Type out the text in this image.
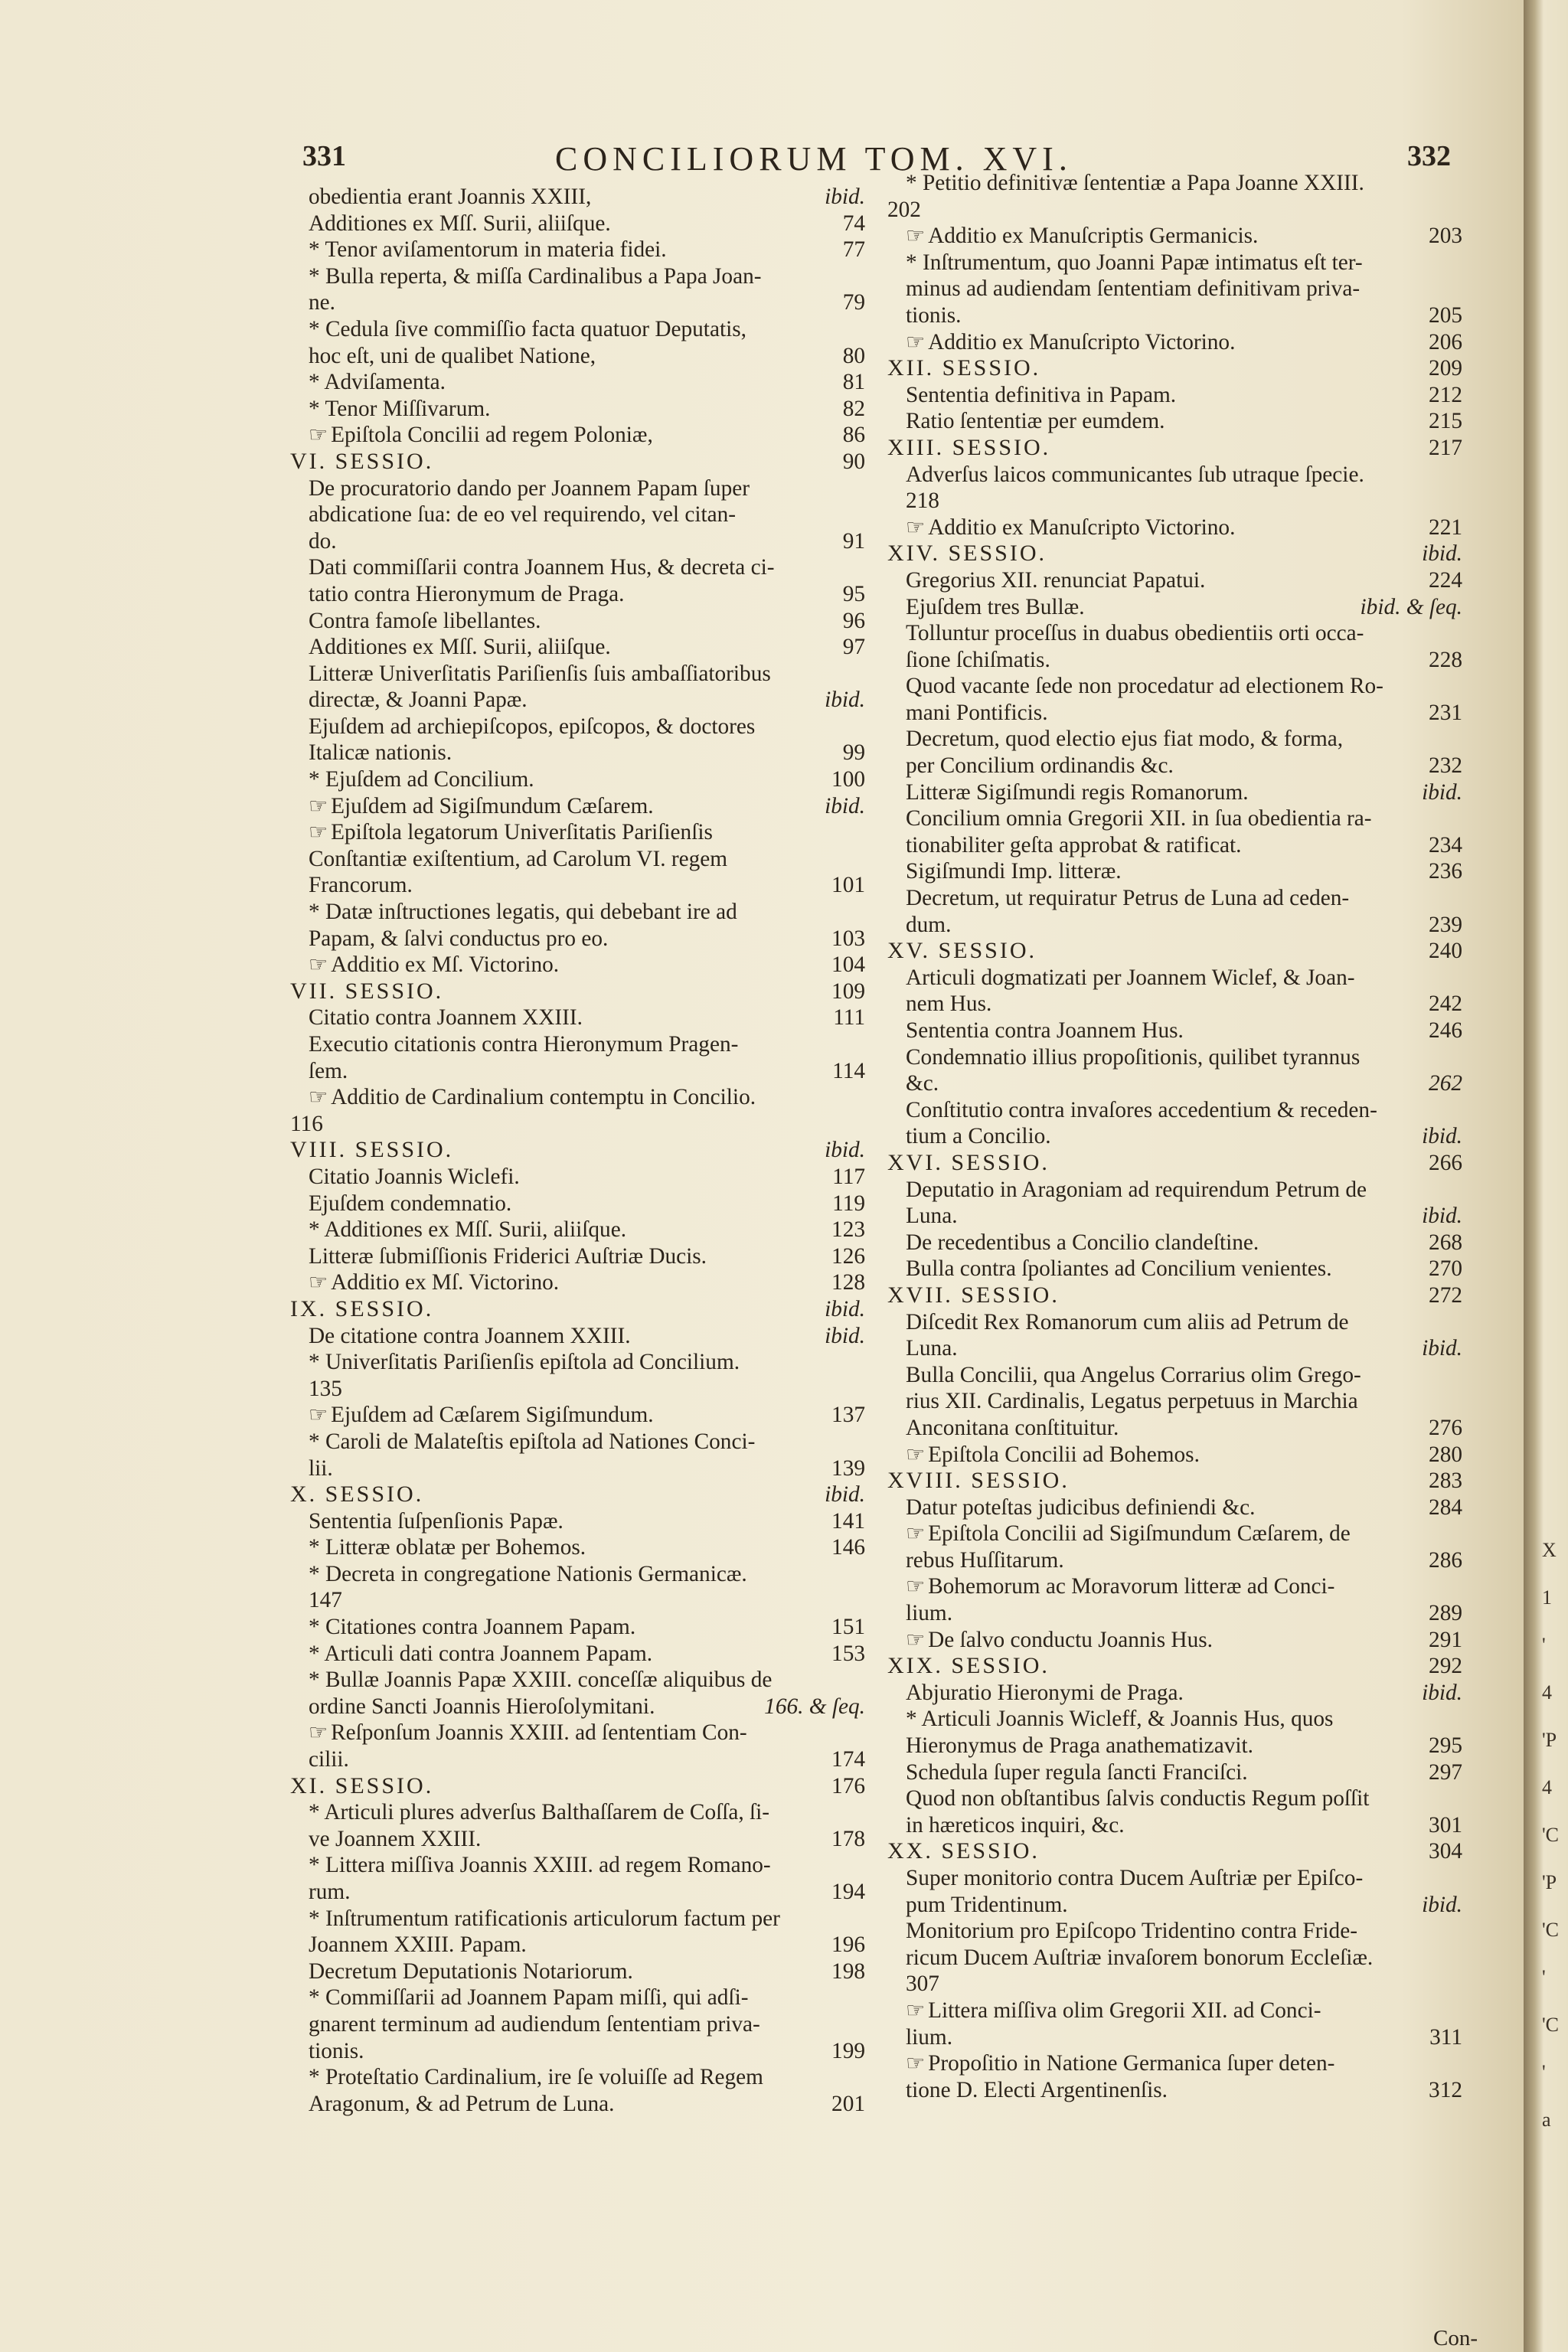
331	CONCILIORUM TOM. XVI.	332
obedientia erant Joannis XXIII,	ibid.
Additiones ex Mſſ. Surii, aliiſque.	74
* Tenor aviſamentorum in materia fidei.	77
* Bulla reperta, & miſſa Cardinalibus a Papa Joan-
ne.	79
* Cedula ſive commiſſio facta quatuor Deputatis,
hoc eſt, uni de qualibet Natione,	80
* Adviſamenta.	81
* Tenor Miſſivarum.	82
☞ Epiſtola Concilii ad regem Poloniæ,	86
VI. SESSIO.	90
De procuratorio dando per Joannem Papam ſuper
abdicatione ſua: de eo vel requirendo, vel citan-
do.	91
Dati commiſſarii contra Joannem Hus, & decreta ci-
tatio contra Hieronymum de Praga.	95
Contra famoſe libellantes.	96
Additiones ex Mſſ. Surii, aliiſque.	97
Litteræ Univerſitatis Pariſienſis ſuis ambaſſiatoribus
directæ, & Joanni Papæ.	ibid.
Ejuſdem ad archiepiſcopos, epiſcopos, & doctores
Italicæ nationis.	99
* Ejuſdem ad Concilium.	100
☞ Ejuſdem ad Sigiſmundum Cæſarem.	ibid.
☞ Epiſtola legatorum Univerſitatis Pariſienſis
Conſtantiæ exiſtentium, ad Carolum VI. regem
Francorum.	101
* Datæ inſtructiones legatis, qui debebant ire ad
Papam, & ſalvi conductus pro eo.	103
☞ Additio ex Mſ. Victorino.	104
VII. SESSIO.	109
Citatio contra Joannem XXIII.	111
Executio citationis contra Hieronymum Pragen-
ſem.	114
☞ Additio de Cardinalium contemptu in Concilio.
116
VIII. SESSIO.	ibid.
Citatio Joannis Wiclefi.	117
Ejuſdem condemnatio.	119
* Additiones ex Mſſ. Surii, aliiſque.	123
Litteræ ſubmiſſionis Friderici Auſtriæ Ducis.	126
☞ Additio ex Mſ. Victorino.	128
IX. SESSIO.	ibid.
De citatione contra Joannem XXIII.	ibid.
* Univerſitatis Pariſienſis epiſtola ad Concilium.
135
☞ Ejuſdem ad Cæſarem Sigiſmundum.	137
* Caroli de Malateſtis epiſtola ad Nationes Conci-
lii.	139
X. SESSIO.	ibid.
Sententia ſuſpenſionis Papæ.	141
* Litteræ oblatæ per Bohemos.	146
* Decreta in congregatione Nationis Germanicæ.
147
* Citationes contra Joannem Papam.	151
* Articuli dati contra Joannem Papam.	153
* Bullæ Joannis Papæ XXIII. conceſſæ aliquibus de
ordine Sancti Joannis Hieroſolymitani.	166. & ſeq.
☞ Reſponſum Joannis XXIII. ad ſententiam Con-
cilii.	174
XI. SESSIO.	176
* Articuli plures adverſus Balthaſſarem de Coſſa, ſi-
ve Joannem XXIII.	178
* Littera miſſiva Joannis XXIII. ad regem Romano-
rum.	194
* Inſtrumentum ratificationis articulorum factum per
Joannem XXIII. Papam.	196
Decretum Deputationis Notariorum.	198
* Commiſſarii ad Joannem Papam miſſi, qui adſi-
gnarent terminum ad audiendum ſententiam priva-
tionis.	199
* Proteſtatio Cardinalium, ire ſe voluiſſe ad Regem
Aragonum, & ad Petrum de Luna.	201
* Petitio definitivæ ſententiæ a Papa Joanne XXIII.
202
☞ Additio ex Manuſcriptis Germanicis.	203
* Inſtrumentum, quo Joanni Papæ intimatus eſt ter-
minus ad audiendam ſententiam definitivam priva-
tionis.	205
☞ Additio ex Manuſcripto Victorino.	206
XII. SESSIO.	209
Sententia definitiva in Papam.	212
Ratio ſententiæ per eumdem.	215
XIII. SESSIO.	217
Adverſus laicos communicantes ſub utraque ſpecie.
218
☞ Additio ex Manuſcripto Victorino.	221
XIV. SESSIO.	ibid.
Gregorius XII. renunciat Papatui.	224
Ejuſdem tres Bullæ.	ibid. & ſeq.
Tolluntur proceſſus in duabus obedientiis orti occa-
ſione ſchiſmatis.	228
Quod vacante ſede non procedatur ad electionem Ro-
mani Pontificis.	231
Decretum, quod electio ejus fiat modo, & forma,
per Concilium ordinandis &c.	232
Litteræ Sigiſmundi regis Romanorum.	ibid.
Concilium omnia Gregorii XII. in ſua obedientia ra-
tionabiliter geſta approbat & ratificat.	234
Sigiſmundi Imp. litteræ.	236
Decretum, ut requiratur Petrus de Luna ad ceden-
dum.	239
XV. SESSIO.	240
Articuli dogmatizati per Joannem Wiclef, & Joan-
nem Hus.	242
Sententia contra Joannem Hus.	246
Condemnatio illius propoſitionis, quilibet tyrannus
&c.	262
Conſtitutio contra invaſores accedentium & receden-
tium a Concilio.	ibid.
XVI. SESSIO.	266
Deputatio in Aragoniam ad requirendum Petrum de
Luna.	ibid.
De recedentibus a Concilio clandeſtine.	268
Bulla contra ſpoliantes ad Concilium venientes.	270
XVII. SESSIO.	272
Diſcedit Rex Romanorum cum aliis ad Petrum de
Luna.	ibid.
Bulla Concilii, qua Angelus Corrarius olim Grego-
rius XII. Cardinalis, Legatus perpetuus in Marchia
Anconitana conſtituitur.	276
☞ Epiſtola Concilii ad Bohemos.	280
XVIII. SESSIO.	283
Datur poteſtas judicibus definiendi &c.	284
☞ Epiſtola Concilii ad Sigiſmundum Cæſarem, de
rebus Huſſitarum.	286
☞ Bohemorum ac Moravorum litteræ ad Conci-
lium.	289
☞ De ſalvo conductu Joannis Hus.	291
XIX. SESSIO.	292
Abjuratio Hieronymi de Praga.	ibid.
* Articuli Joannis Wicleff, & Joannis Hus, quos
Hieronymus de Praga anathematizavit.	295
Schedula ſuper regula ſancti Franciſci.	297
Quod non obſtantibus ſalvis conductis Regum poſſit
in hæreticos inquiri, &c.	301
XX. SESSIO.	304
Super monitorio contra Ducem Auſtriæ per Epiſco-
pum Tridentinum.	ibid.
Monitorium pro Epiſcopo Tridentino contra Fride-
ricum Ducem Auſtriæ invaſorem bonorum Eccleſiæ.
307
☞ Littera miſſiva olim Gregorii XII. ad Conci-
lium.	311
☞ Propoſitio in Natione Germanica ſuper deten-
tione D. Electi Argentinenſis.	312
Con-
X
1
'
4
'P
4
'C
'P
'C
'
'C
'
a
